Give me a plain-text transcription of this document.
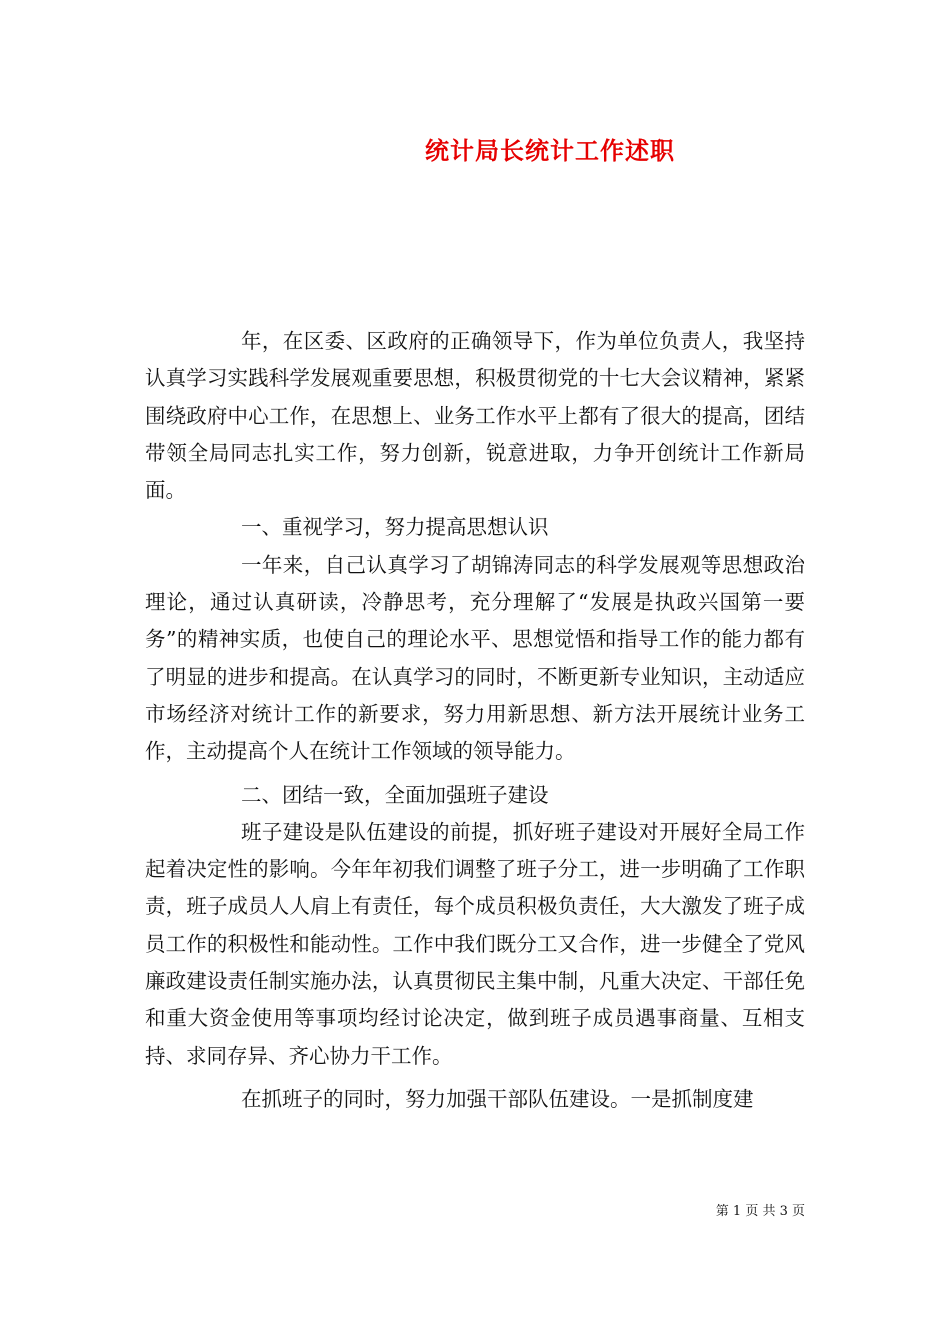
统计局长统计工作述职

年，在区委、区政府的正确领导下，作为单位负责人，我坚持认真学习实践科学发展观重要思想，积极贯彻党的十七大会议精神，紧紧围绕政府中心工作，在思想上、业务工作水平上都有了很大的提高，团结带领全局同志扎实工作，努力创新，锐意进取，力争开创统计工作新局面。

一、重视学习，努力提高思想认识

一年来，自己认真学习了胡锦涛同志的科学发展观等思想政治理论，通过认真研读，冷静思考，充分理解了“发展是执政兴国第一要务”的精神实质，也使自己的理论水平、思想觉悟和指导工作的能力都有了明显的进步和提高。在认真学习的同时，不断更新专业知识，主动适应市场经济对统计工作的新要求，努力用新思想、新方法开展统计业务工作，主动提高个人在统计工作领域的领导能力。

二、团结一致，全面加强班子建设

班子建设是队伍建设的前提，抓好班子建设对开展好全局工作起着决定性的影响。今年年初我们调整了班子分工，进一步明确了工作职责，班子成员人人肩上有责任，每个成员积极负责任，大大激发了班子成员工作的积极性和能动性。工作中我们既分工又合作，进一步健全了党风廉政建设责任制实施办法，认真贯彻民主集中制，凡重大决定、干部任免和重大资金使用等事项均经讨论决定，做到班子成员遇事商量、互相支持、求同存异、齐心协力干工作。

在抓班子的同时，努力加强干部队伍建设。一是抓制度建

第 1 页 共 3 页
